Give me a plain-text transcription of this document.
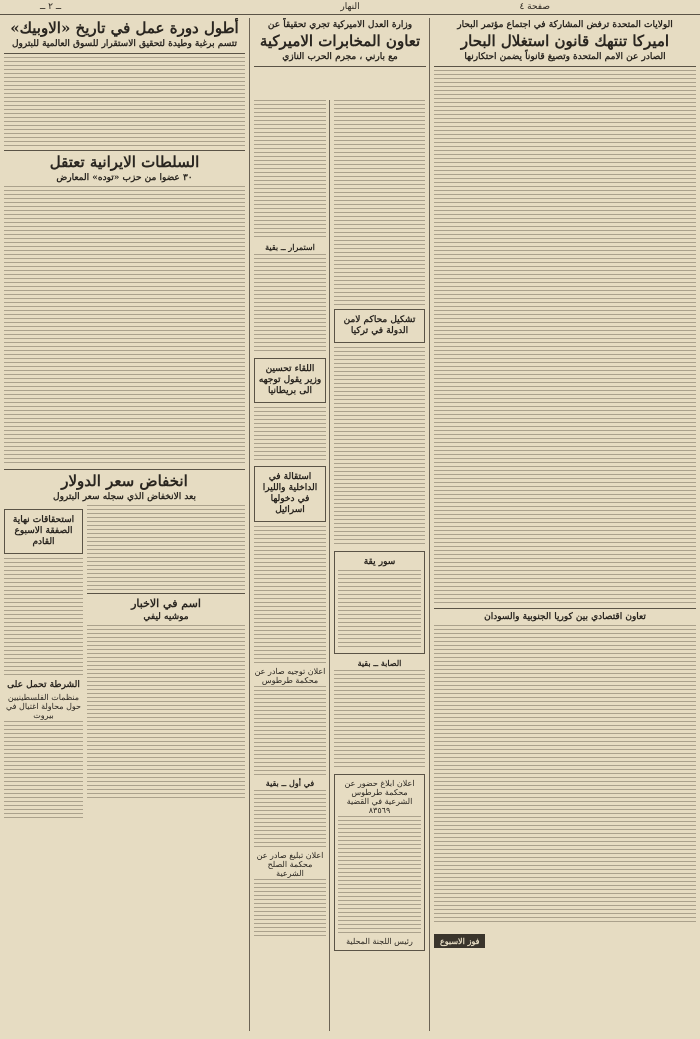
صفحة ٤
النهار
ــ ٢ ــ
الولايات المتحدة ترفض المشاركة في اجتماع مؤتمر البحار
اميركا تنتهك قانون استغلال البحار
الصادر عن الامم المتحدة وتصيغ قانوناً يضمن احتكارنها
تعاون اقتصادي بين كوريا الجنوبية والسودان
فوز الاسبوع
تشكيل محاكم لامن الدولة في تركيا
سور يقة
الصابة ــ بقية
اعلان ابلاغ حضور عن محكمة طرطوس الشرعية في القضية ٨٣٥٦٩
رئيس اللجنة المحلية
وزارة العدل الاميركية تجري تحقيقاً عن
تعاون المخابرات الاميركية
مع بارني ، مجرم الحرب النازي
استمرار ــ بقية
اللقاء تحسين وزير يقول توجهه الى بريطانيا
استقالة في الداخلية والليرا في دخولها اسرائيل
اعلان توجيه صادر عن محكمة طرطوس
في أول ــ بقية
اعلان تبليغ صادر عن محكمة الصلح الشرعية
أطول دورة عمل في تاريخ «الاوبيك»
تتسم برغبة وطيدة لتحقيق الاستقرار للسوق العالمية للبترول
السلطات الايرانية تعتقل
٣٠ عضوا من حزب «توده» المعارض
انخفاض سعر الدولار
بعد الانخفاض الذي سجله سعر البترول
اسم في الاخبار
موشيه ليفي
استحقاقات نهاية الصفقة الاسبوع القادم
الشرطة تحمل على
منظمات الفلسطينيين حول محاولة اغتيال في بيروت
